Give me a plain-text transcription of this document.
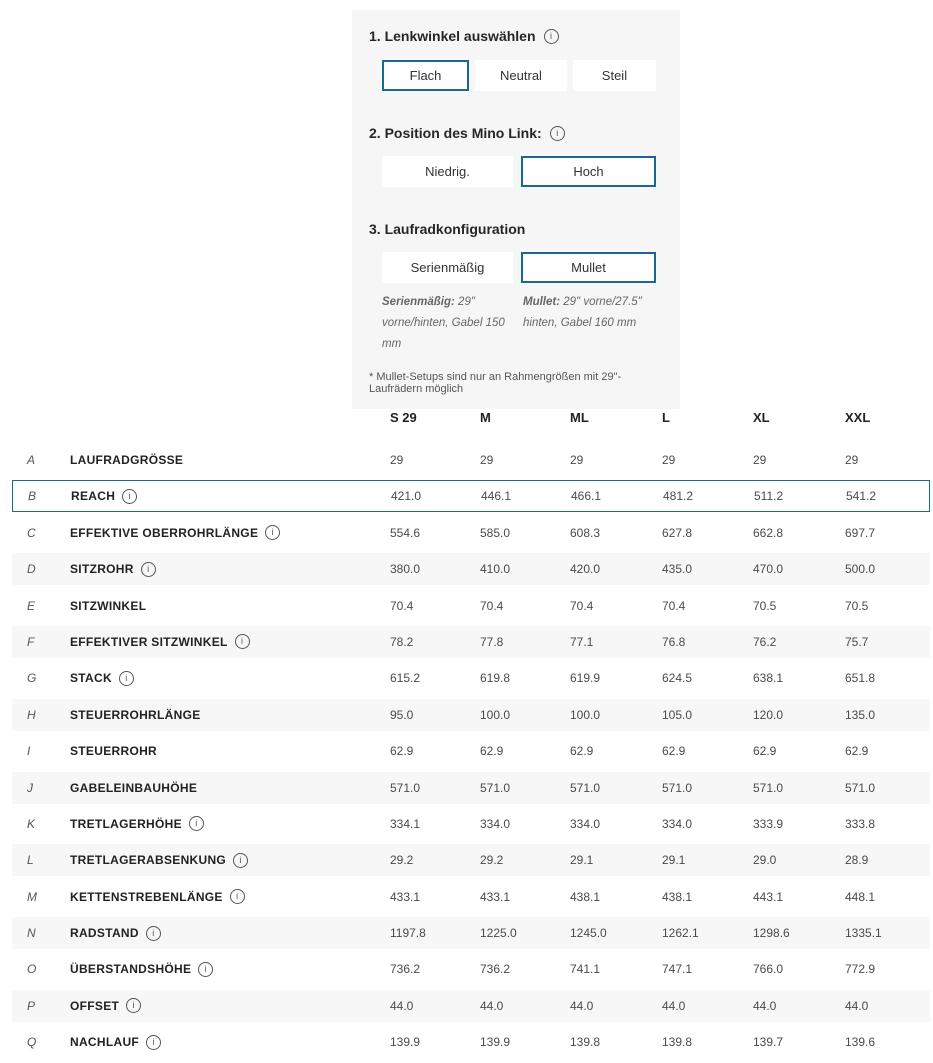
1. Lenkwinkel auswählen	i
Flach	Neutral	Steil
2. Position des Mino Link:	i
Niedrig.	Hoch
3. Laufradkonfiguration
Serienmäßig	Mullet
Serienmäßig: 29" vorne/hinten, Gabel 150 mm
Mullet: 29" vorne/27.5" hinten, Gabel 160 mm
* Mullet-Setups sind nur an Rahmengrößen mit 29"-Laufrädern möglich
S 29	M	ML	L	XL	XXL
A	LAUFRADGRÖSSE	29	29	29	29	29	29
B	REACH	i	421.0	446.1	466.1	481.2	511.2	541.2
C	EFFEKTIVE OBERROHRLÄNGE	i	554.6	585.0	608.3	627.8	662.8	697.7
D	SITZROHR	i	380.0	410.0	420.0	435.0	470.0	500.0
E	SITZWINKEL	70.4	70.4	70.4	70.4	70.5	70.5
F	EFFEKTIVER SITZWINKEL	i	78.2	77.8	77.1	76.8	76.2	75.7
G	STACK	i	615.2	619.8	619.9	624.5	638.1	651.8
H	STEUERROHRLÄNGE	95.0	100.0	100.0	105.0	120.0	135.0
I	STEUERROHR	62.9	62.9	62.9	62.9	62.9	62.9
J	GABELEINBAUHÖHE	571.0	571.0	571.0	571.0	571.0	571.0
K	TRETLAGERHÖHE	i	334.1	334.0	334.0	334.0	333.9	333.8
L	TRETLAGERABSENKUNG	i	29.2	29.2	29.1	29.1	29.0	28.9
M	KETTENSTREBENLÄNGE	i	433.1	433.1	438.1	438.1	443.1	448.1
N	RADSTAND	i	1197.8	1225.0	1245.0	1262.1	1298.6	1335.1
O	ÜBERSTANDSHÖHE	i	736.2	736.2	741.1	747.1	766.0	772.9
P	OFFSET	i	44.0	44.0	44.0	44.0	44.0	44.0
Q	NACHLAUF	i	139.9	139.9	139.8	139.8	139.7	139.6
